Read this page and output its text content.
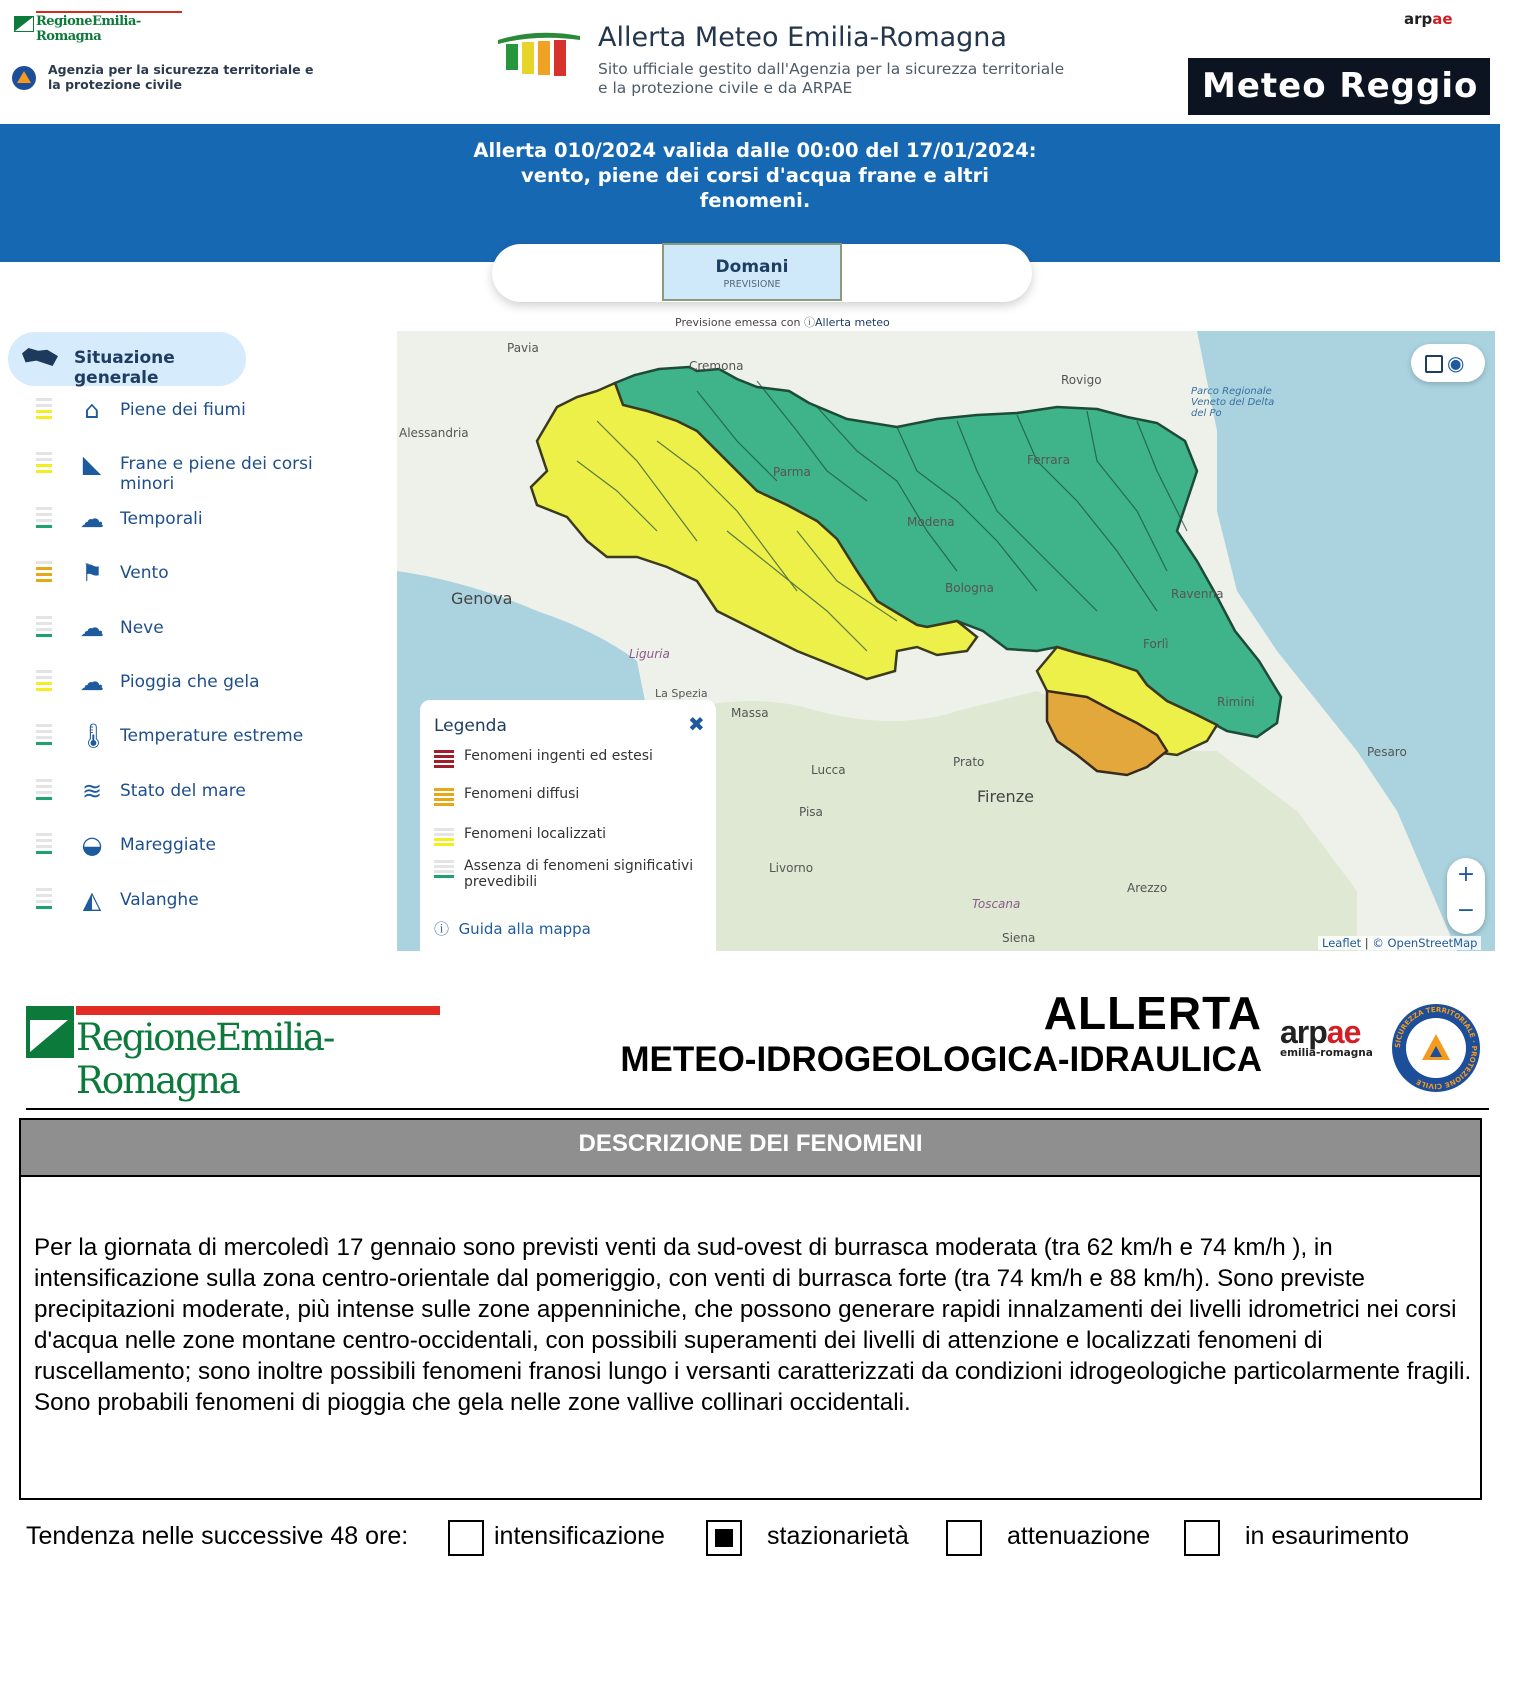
RegioneEmilia-Romagna
Agenzia per la sicurezza territoriale e la protezione civile
Allerta Meteo Emilia-Romagna
Sito ufficiale gestito dall'Agenzia per la sicurezza territoriale e la protezione civile e da ARPAE
arpae
Meteo Reggio
Allerta 010/2024 valida dalle 00:00 del 17/01/2024: vento, piene dei corsi d'acqua frane e altri fenomeni.
Domani
PREVISIONE
Previsione emessa con ⓘAllerta meteo
Situazione generale
⌂	Piene dei fiumi
◣ Frane e piene dei corsi minori
☁ Temporali
⚑ Vento
☁ Neve
☁ Pioggia che gela
🌡 Temperature estreme
≋ Stato del mare
◒ Mareggiate
◭ Valanghe
Pavia
Cremona
Rovigo
Alessandria
Parco Regionale Veneto del Delta del Po
Parma
Ferrara
Modena
Genova
Bologna	Ravenna
Forlì
Rimini
Liguria
La Spezia
Massa
Lucca
Prato
Firenze
Pisa
Livorno
Pesaro
Arezzo
Toscana
Siena
◉
+
−
Leaflet | © OpenStreetMap
Legenda	✖
Fenomeni ingenti ed estesi
Fenomeni diffusi
Fenomeni localizzati
Assenza di fenomeni significativi prevedibili
ⓘ Guida alla mappa
RegioneEmilia-Romagna
ALLERTA
METEO-IDROGEOLOGICA-IDRAULICA
arpae
emilia-romagna
SICUREZZA TERRITORIALE · PROTEZIONE CIVILE
DESCRIZIONE DEI FENOMENI
Per la giornata di mercoledì 17 gennaio sono previsti venti da sud-ovest di burrasca moderata (tra 62 km/h e 74 km/h ), in intensificazione sulla zona centro-orientale dal pomeriggio, con venti di burrasca forte (tra 74 km/h e 88 km/h). Sono previste precipitazioni moderate, più intense sulle zone appenniniche, che possono generare rapidi innalzamenti dei livelli idrometrici nei corsi d'acqua nelle zone montane centro-occidentali, con possibili superamenti dei livelli di attenzione e localizzati fenomeni di ruscellamento; sono inoltre possibili fenomeni franosi lungo i versanti caratterizzati da condizioni idrogeologiche particolarmente fragili. Sono probabili fenomeni di pioggia che gela nelle zone vallive collinari occidentali.
Tendenza nelle successive 48 ore:	intensificazione	stazionarietà	attenuazione	in esaurimento
